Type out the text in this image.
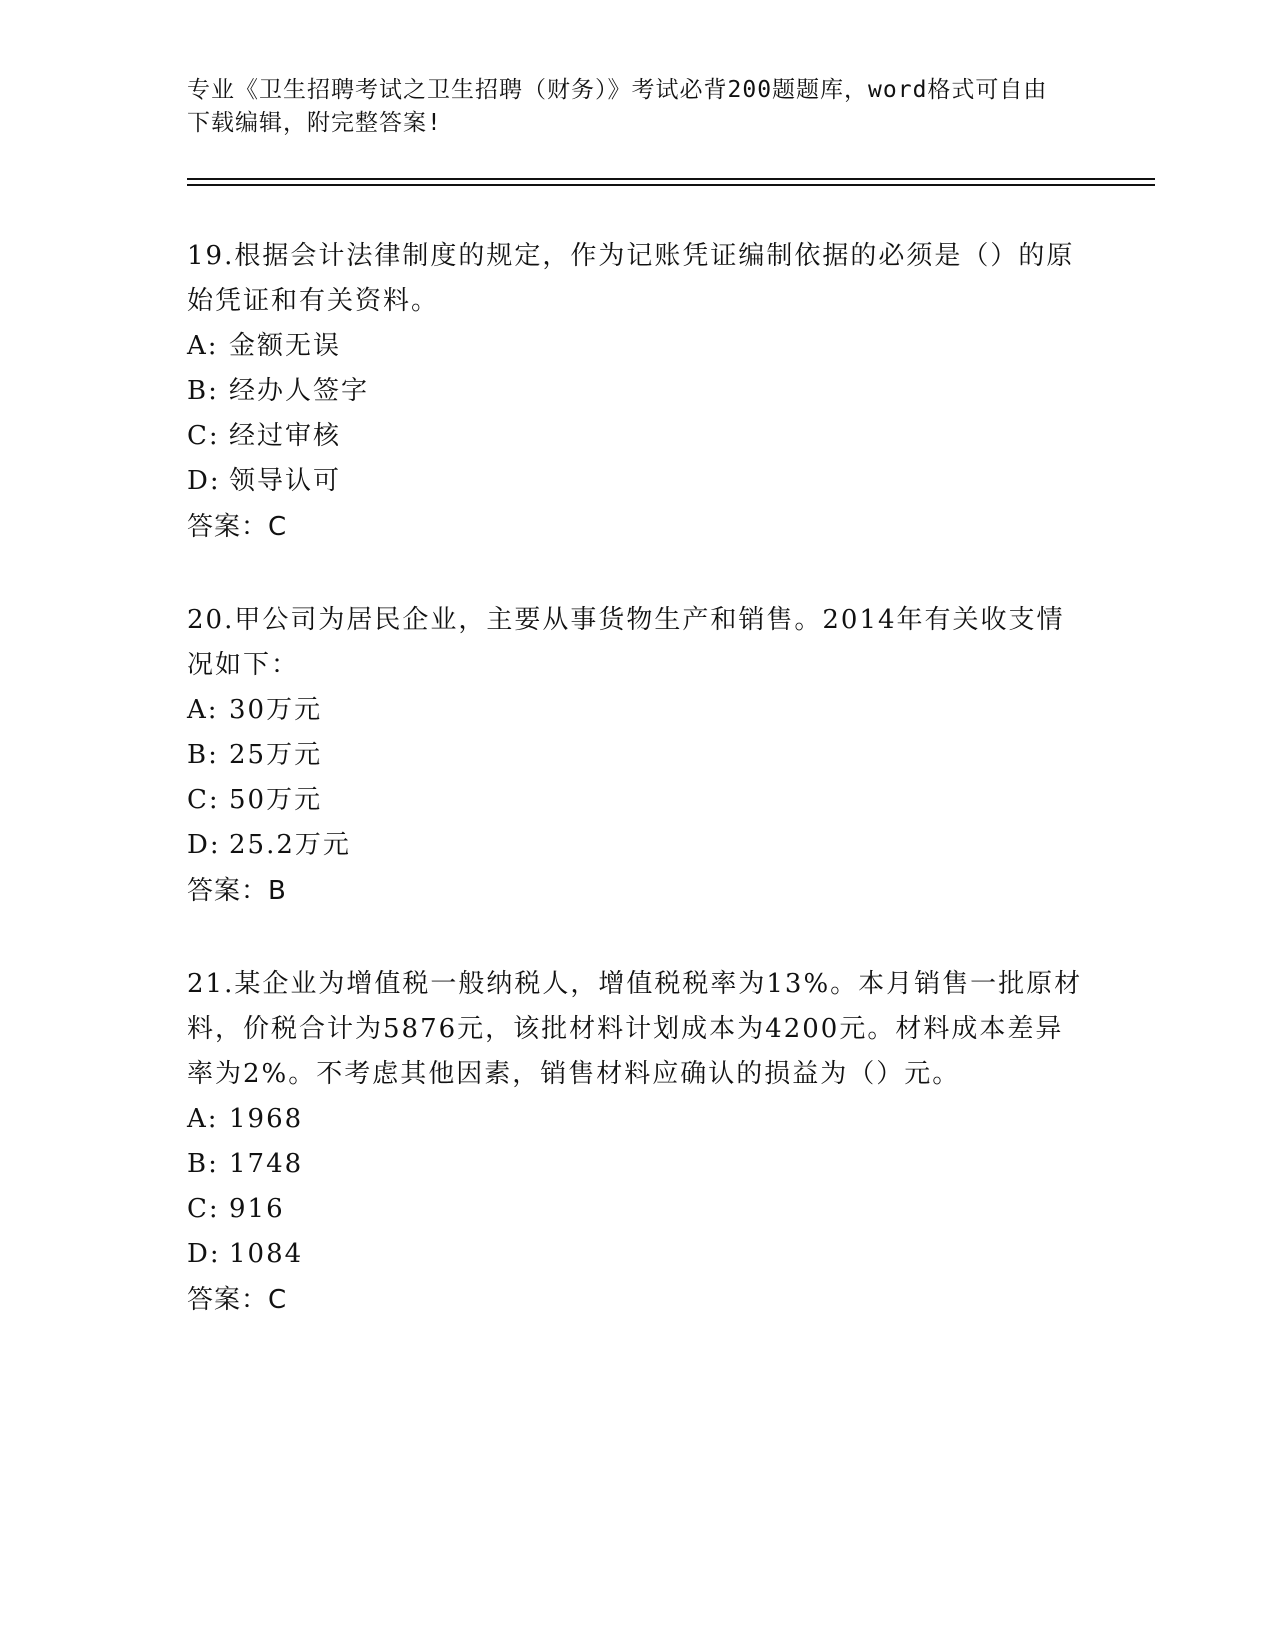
专业《卫生招聘考试之卫生招聘（财务）》考试必背200题题库，word格式可自由下载编辑，附完整答案!

19.根据会计法律制度的规定，作为记账凭证编制依据的必须是（）的原始凭证和有关资料。

A: 金额无误

B: 经办人签字

C: 经过审核

D: 领导认可

答案：C

20.甲公司为居民企业，主要从事货物生产和销售。2014年有关收支情况如下：

A: 30万元

B: 25万元

C: 50万元

D: 25.2万元

答案：B

21.某企业为增值税一般纳税人，增值税税率为13%。本月销售一批原材料，价税合计为5876元，该批材料计划成本为4200元。材料成本差异率为2%。不考虑其他因素，销售材料应确认的损益为（）元。

A: 1968

B: 1748

C: 916

D: 1084

答案：C
